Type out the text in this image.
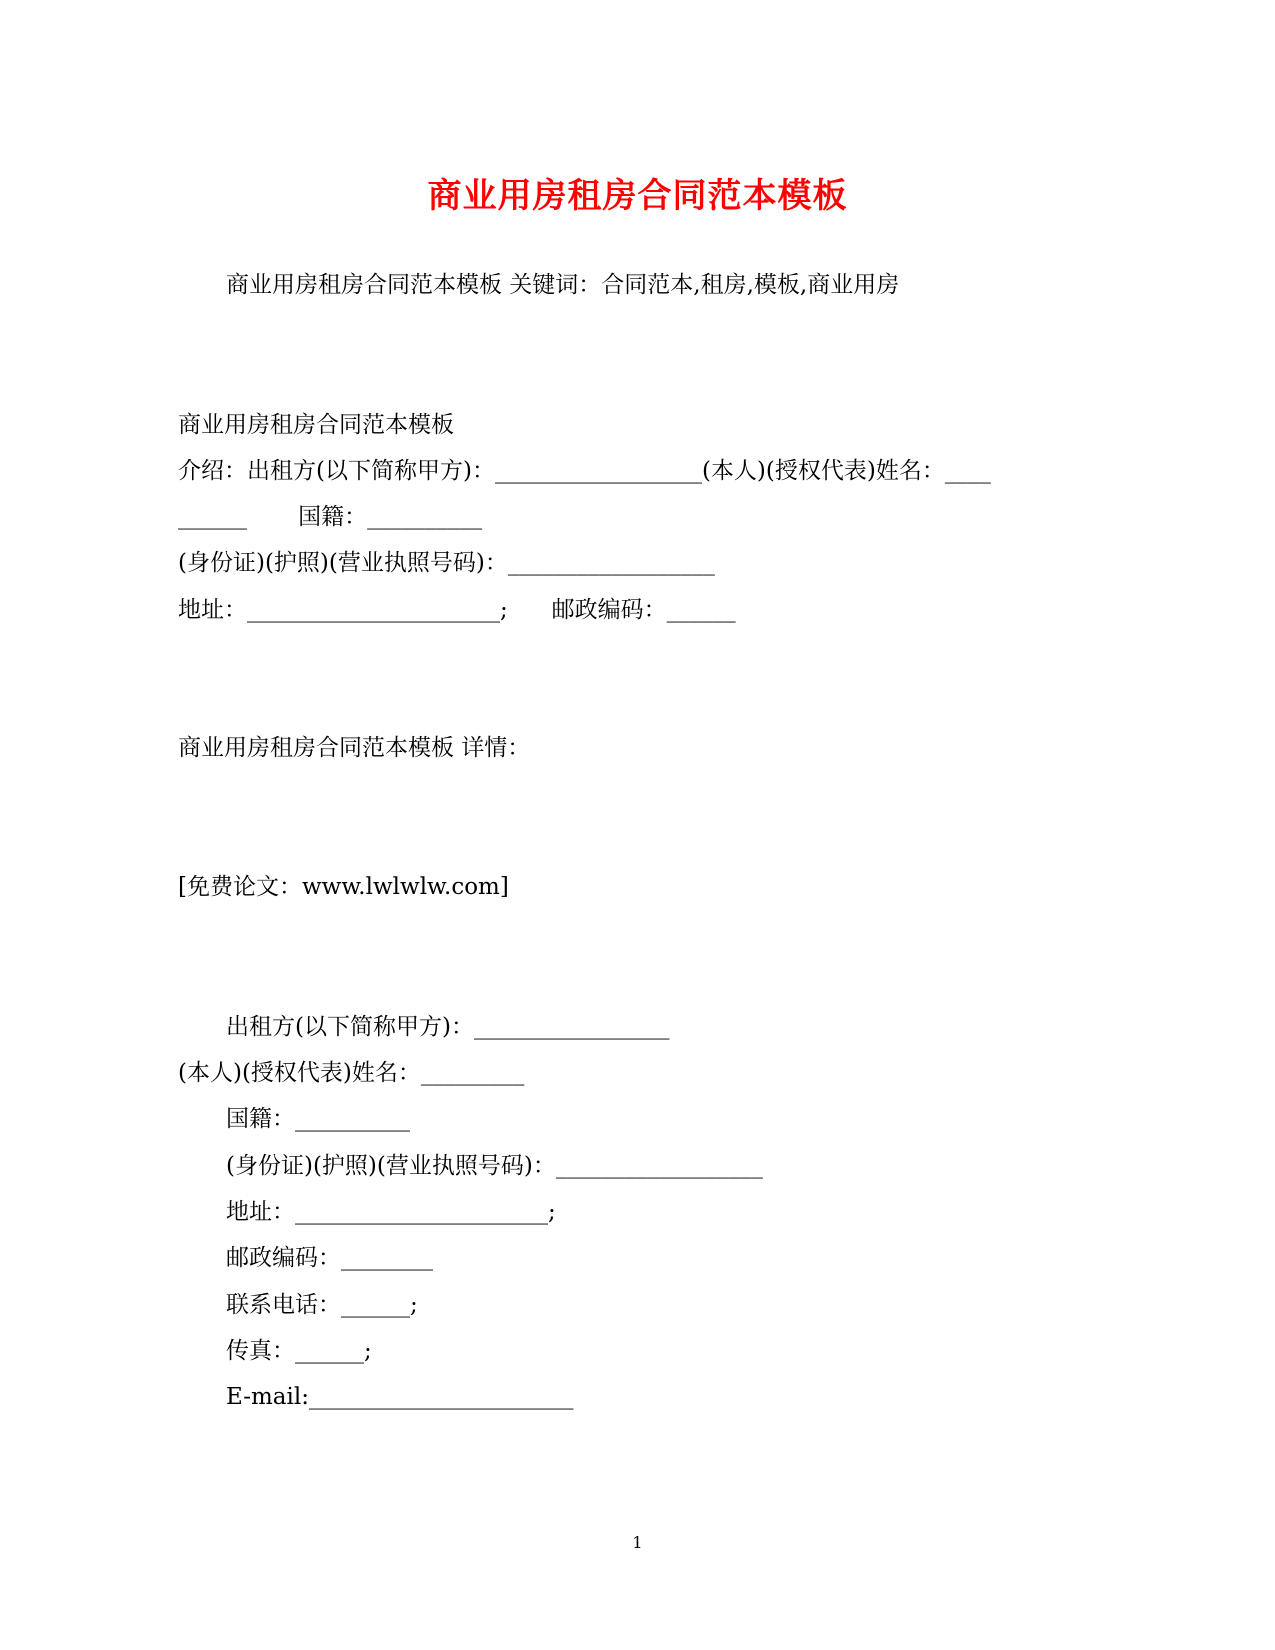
商业用房租房合同范本模板
商业用房租房合同范本模板 关键词：合同范本,租房,模板,商业用房
商业用房租房合同范本模板
介绍：出租方(以下简称甲方)：__________________(本人)(授权代表)姓名：____
______       国籍：__________
(身份证)(护照)(营业执照号码)：__________________
地址：______________________;      邮政编码：______
商业用房租房合同范本模板 详情：
[免费论文：www.lwlwlw.com]
出租方(以下简称甲方)：_________________
(本人)(授权代表)姓名：_________
国籍：__________
(身份证)(护照)(营业执照号码)：__________________
地址：______________________;
邮政编码：________
联系电话：______;
传真：______;
E-mail:_______________________
1
